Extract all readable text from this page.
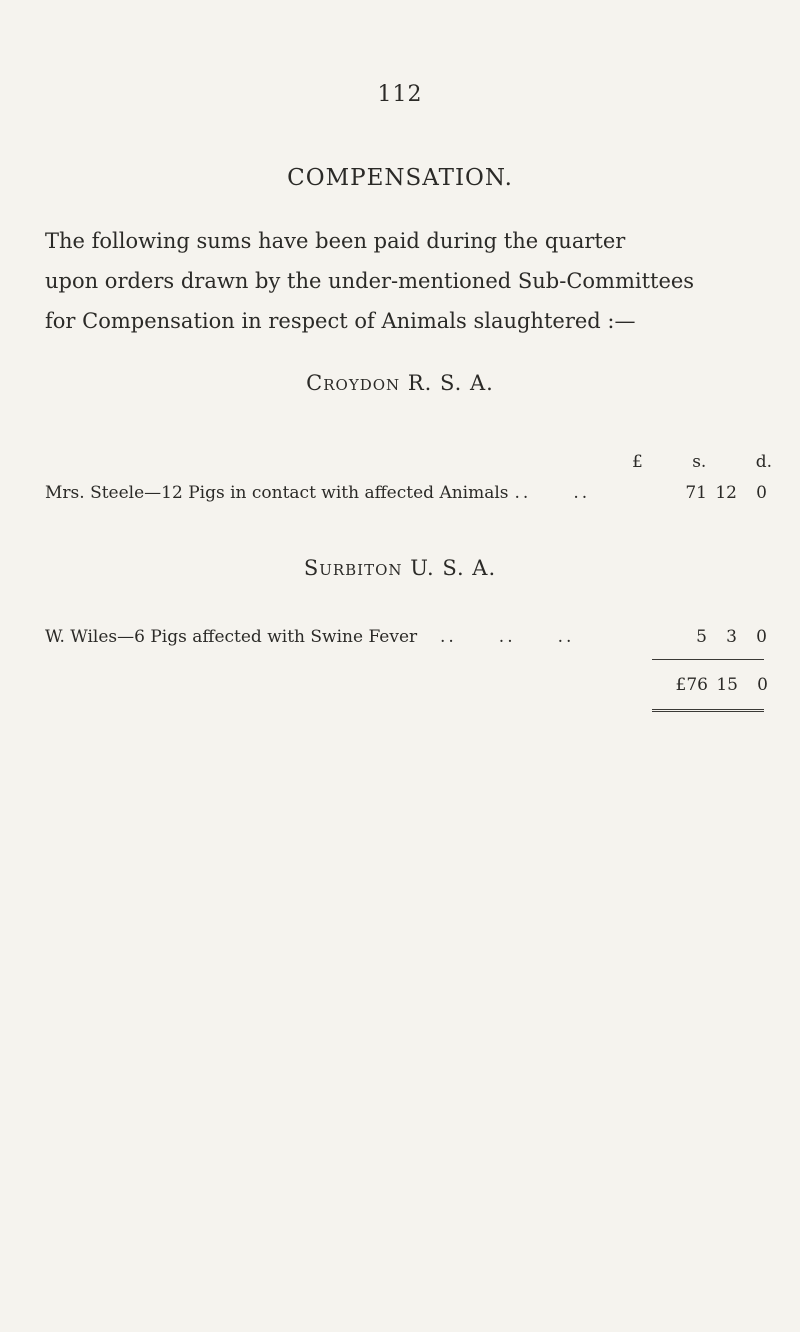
112
COMPENSATION.
The following sums have been paid during the quarter
upon orders drawn by the under-mentioned Sub-Committees
for Compensation in respect of Animals slaughtered :—
Croydon R. S. A.
£	s.	d.
Mrs. Steele—12 Pigs in contact with affected Animals ..     ..	71 12	0
Surbiton U. S. A.
W. Wiles—6 Pigs affected with Swine Fever ..     ..     ..	5	3	0
£76 15	0
